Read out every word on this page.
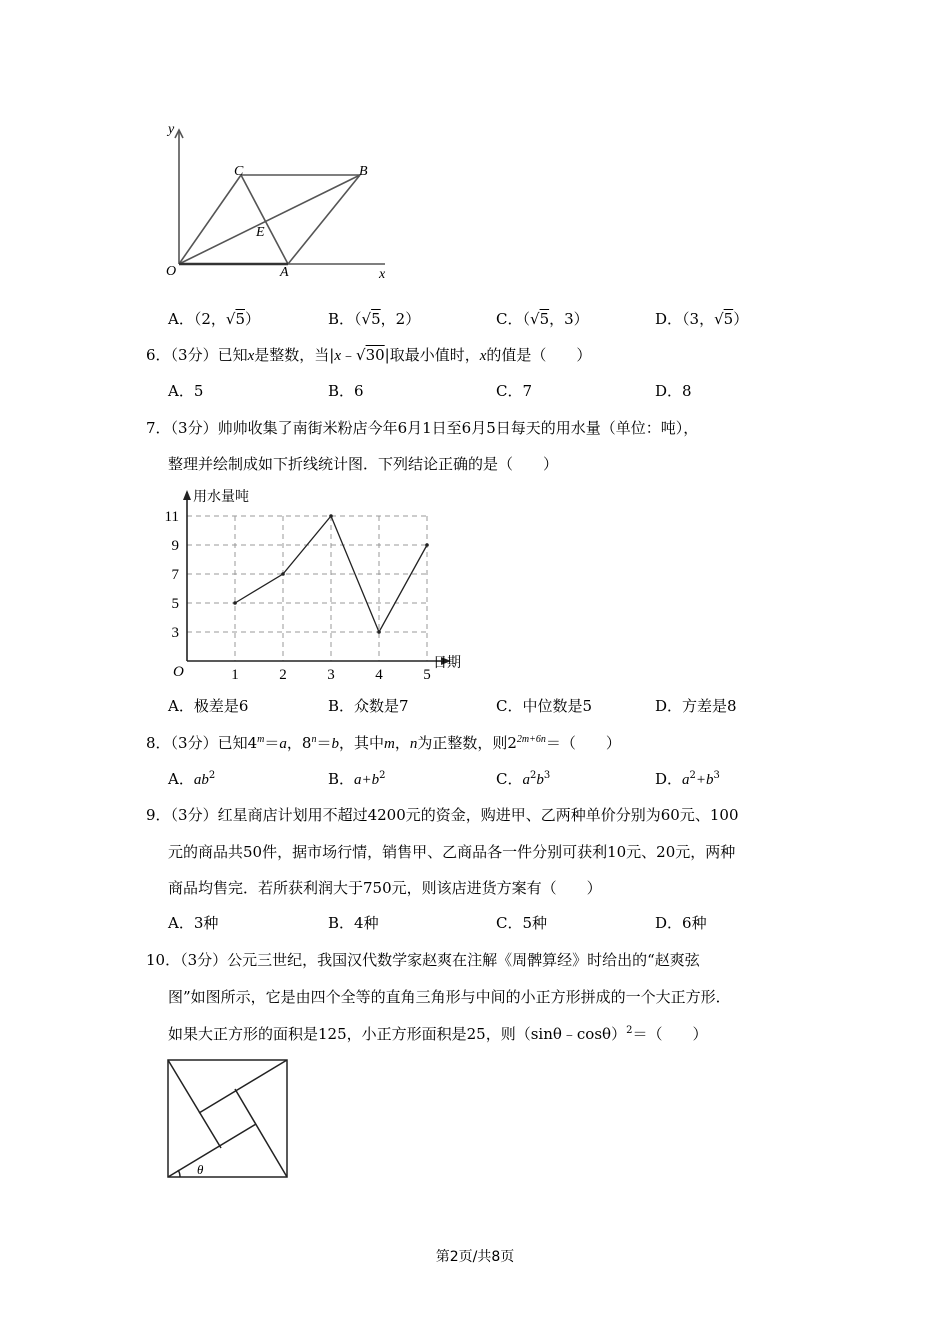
y
x
O	A
B
C
E
A．（2，√5）	B．（√5，2）	C．（√5，3）	D．（3，√5）
6．（3分）已知x是整数，当|x﹣√30|取最小值时，x的值是（　　）
A．5	B．6	C．7	D．8
7．（3分）帅帅收集了南街米粉店今年6月1日至6月5日每天的用水量（单位：吨），
整理并绘制成如下折线统计图．下列结论正确的是（　　）
3
5
7
9
11
1	2	3	4	5
O
用水量吨
日期
A．极差是6	B．众数是7	C．中位数是5	D．方差是8
8．（3分）已知$4^m=a$，$8^n=b$，其中m，n为正整数，则$2^{2m+6n}=$（　　）
A．$ab^2$	B．$a+b^2$	C．$a^2b^3$	D．$a^2+b^3$
9．（3分）红星商店计划用不超过4200元的资金，购进甲、乙两种单价分别为60元、100
元的商品共50件，据市场行情，销售甲、乙商品各一件分别可获利10元、20元，两种
商品均售完．若所获利润大于750元，则该店进货方案有（　　）
A．3种	B．4种	C．5种	D．6种
10．（3分）公元三世纪，我国汉代数学家赵爽在注解《周髀算经》时给出的“赵爽弦
图”如图所示，它是由四个全等的直角三角形与中间的小正方形拼成的一个大正方形．
如果大正方形的面积是125，小正方形面积是25，则（sinθ﹣cosθ）$^2$＝（　　）
θ
第2页/共8页
